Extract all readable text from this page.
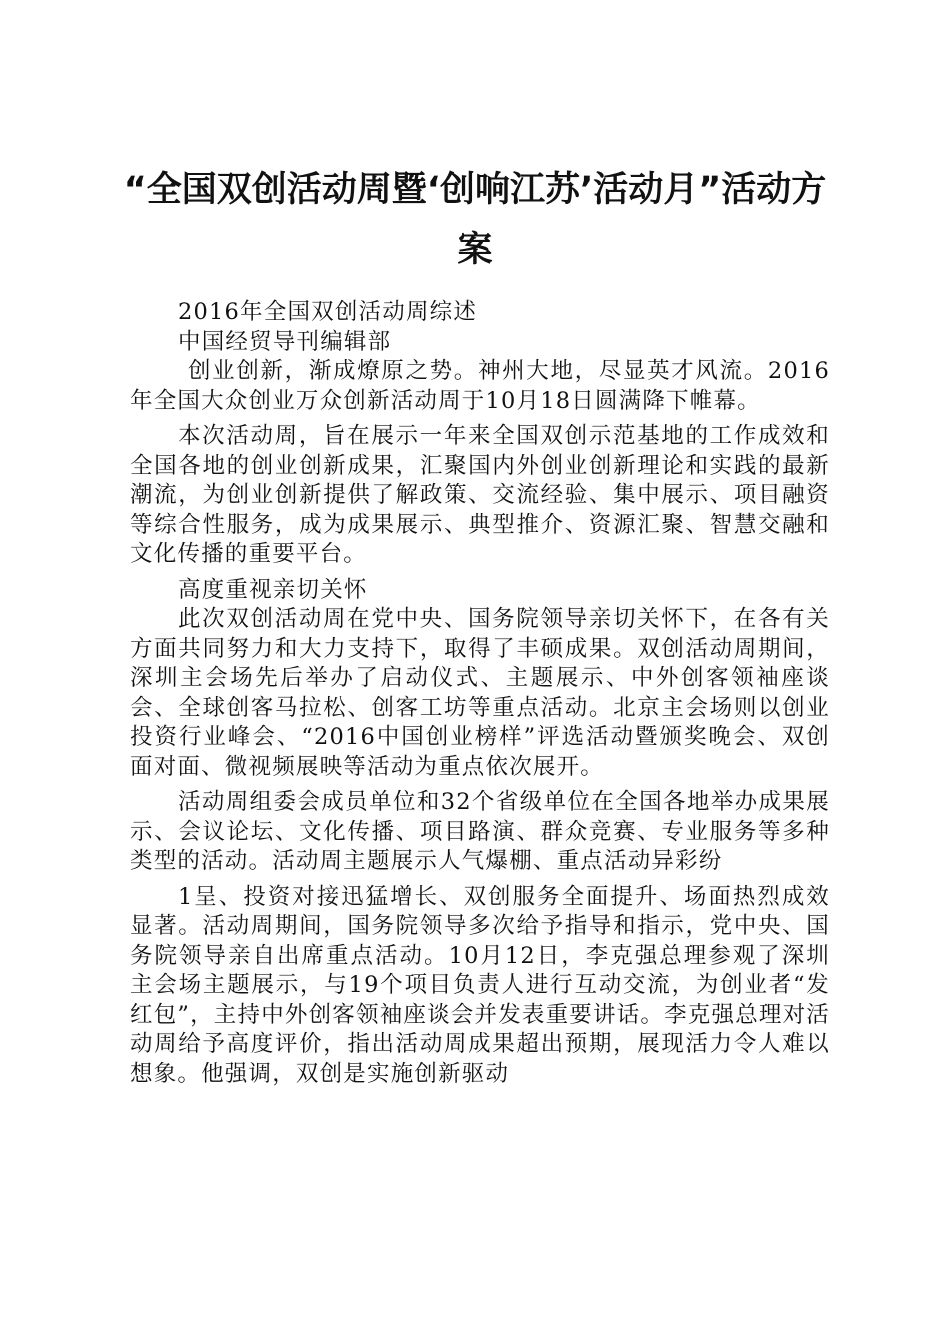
“全国双创活动周暨‘创响江苏’活动月”活动方案

2016年全国双创活动周综述

中国经贸导刊编辑部

创业创新，渐成燎原之势。神州大地，尽显英才风流。2016年全国大众创业万众创新活动周于10月18日圆满降下帷幕。

本次活动周，旨在展示一年来全国双创示范基地的工作成效和全国各地的创业创新成果，汇聚国内外创业创新理论和实践的最新潮流，为创业创新提供了解政策、交流经验、集中展示、项目融资等综合性服务，成为成果展示、典型推介、资源汇聚、智慧交融和文化传播的重要平台。

高度重视亲切关怀

此次双创活动周在党中央、国务院领导亲切关怀下，在各有关方面共同努力和大力支持下，取得了丰硕成果。双创活动周期间，深圳主会场先后举办了启动仪式、主题展示、中外创客领袖座谈会、全球创客马拉松、创客工坊等重点活动。北京主会场则以创业投资行业峰会、“2016中国创业榜样”评选活动暨颁奖晚会、双创面对面、微视频展映等活动为重点依次展开。

活动周组委会成员单位和32个省级单位在全国各地举办成果展示、会议论坛、文化传播、项目路演、群众竞赛、专业服务等多种类型的活动。活动周主题展示人气爆棚、重点活动异彩纷

1呈、投资对接迅猛增长、双创服务全面提升、场面热烈成效显著。活动周期间，国务院领导多次给予指导和指示，党中央、国务院领导亲自出席重点活动。10月12日，李克强总理参观了深圳主会场主题展示，与19个项目负责人进行互动交流，为创业者“发红包”，主持中外创客领袖座谈会并发表重要讲话。李克强总理对活动周给予高度评价，指出活动周成果超出预期，展现活力令人难以想象。他强调，双创是实施创新驱动
